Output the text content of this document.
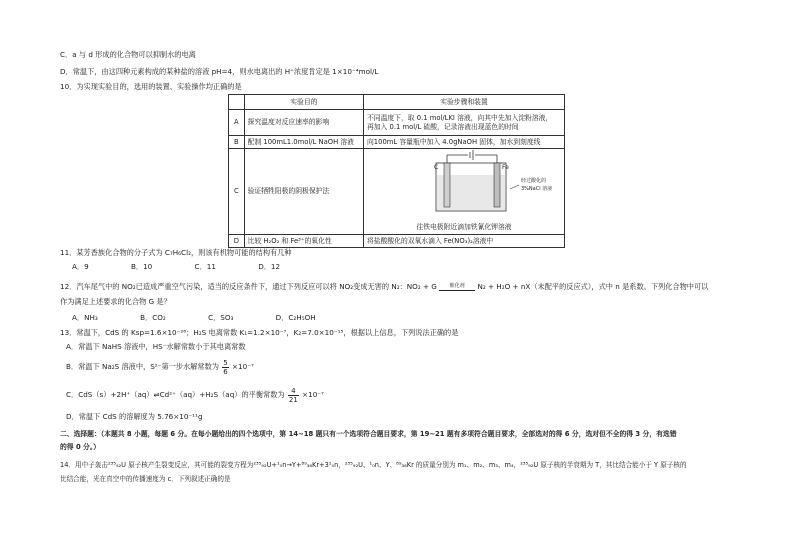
C．a 与 d 形成的化合物可以抑制水的电离
D．常温下，由这四种元素构成的某种盐的溶液 pH=4，则水电离出的 H⁺浓度肯定是 1×10⁻⁴mol/L
10．为实现实验目的，选用的装置、实验操作均正确的是
	实验目的	实验步骤和装置
A	探究温度对反应速率的影响	不同温度下，取 0.1 mol/LKI 溶液，向其中先加入淀粉溶液，
再加入 0.1 mol/L 硫酸，记录溶液出现蓝色的时间

B	配制 100mL1.0mol/L NaOH 溶液	向100mL 容量瓶中加入 4.0gNaOH 固体，加水到刻度线
C	验证牺牲阳极的阴极保护法	C Fe
经过酸化的
3%NaCl 溶液
往铁电极附近滴加铁氰化钾溶液

D	比较 H₂O₂ 和 Fe³⁺的氧化性	将盐酸酸化的双氧水滴入 Fe(NO₃)₂溶液中
11．某芳香族化合物的分子式为 C₇H₆Cl₂，则该有机物可能的结构有几种
A．9	B．10	C．11	D．12
12．汽车尾气中的 NO₂已造成严重空气污染，适当的反应条件下，通过下列反应可以将 NO₂变成无害的 N₂：NO₂ + G	催化剂	N₂ + H₂O + nX（未配平的反应式），式中 n 是系数。下列化合物中可以
作为满足上述要求的化合物 G 是？
A．NH₃	B．CO₂	C．SO₃	D．C₂H₅OH
13．常温下，CdS 的 Ksp=1.6×10⁻²⁶；H₂S 电离常数 K₁=1.2×10⁻⁷，K₂=7.0×10⁻¹⁵，根据以上信息，下列说法正确的是
A．常温下 NaHS 溶液中，HS⁻水解常数小于其电离常数
B．常温下 Na₂S 溶液中，S²⁻第一步水解常数为 $\frac{5}{6} \times 10^{-7}$
C．CdS（s）+2H⁺（aq）⇌Cd²⁺（aq）+H₂S（aq）的平衡常数为 $\frac{4}{21} \times 10^{-7}$
D．常温下 CdS 的溶解度为 5.76×10⁻¹¹g
二、选择题：（本题共 8 小题，每题 6 分。在每小题给出的四个选项中，第 14~18 题只有一个选项符合题目要求，第 19~21 题有多项符合题目要求，全部选对的得 6 分，选对但不全的得 3 分，有选错
的得 0 分。）
14．用中子轰击²³⁵₉₂U 原子核产生裂变反应，其可能的裂变方程为²³⁵₉₂U+¹₀n→Y+⁸⁹₃₆Kr+3¹₀n，²³⁵₉₂U、¹₀n、Y、⁸⁹₃₆Kr 的质量分别为 m₁、m₂、m₃、m₄，²³⁵₉₂U 原子核的半衰期为 T，其比结合能小于 Y 原子核的
比结合能，光在真空中的传播速度为 c．下列叙述正确的是
